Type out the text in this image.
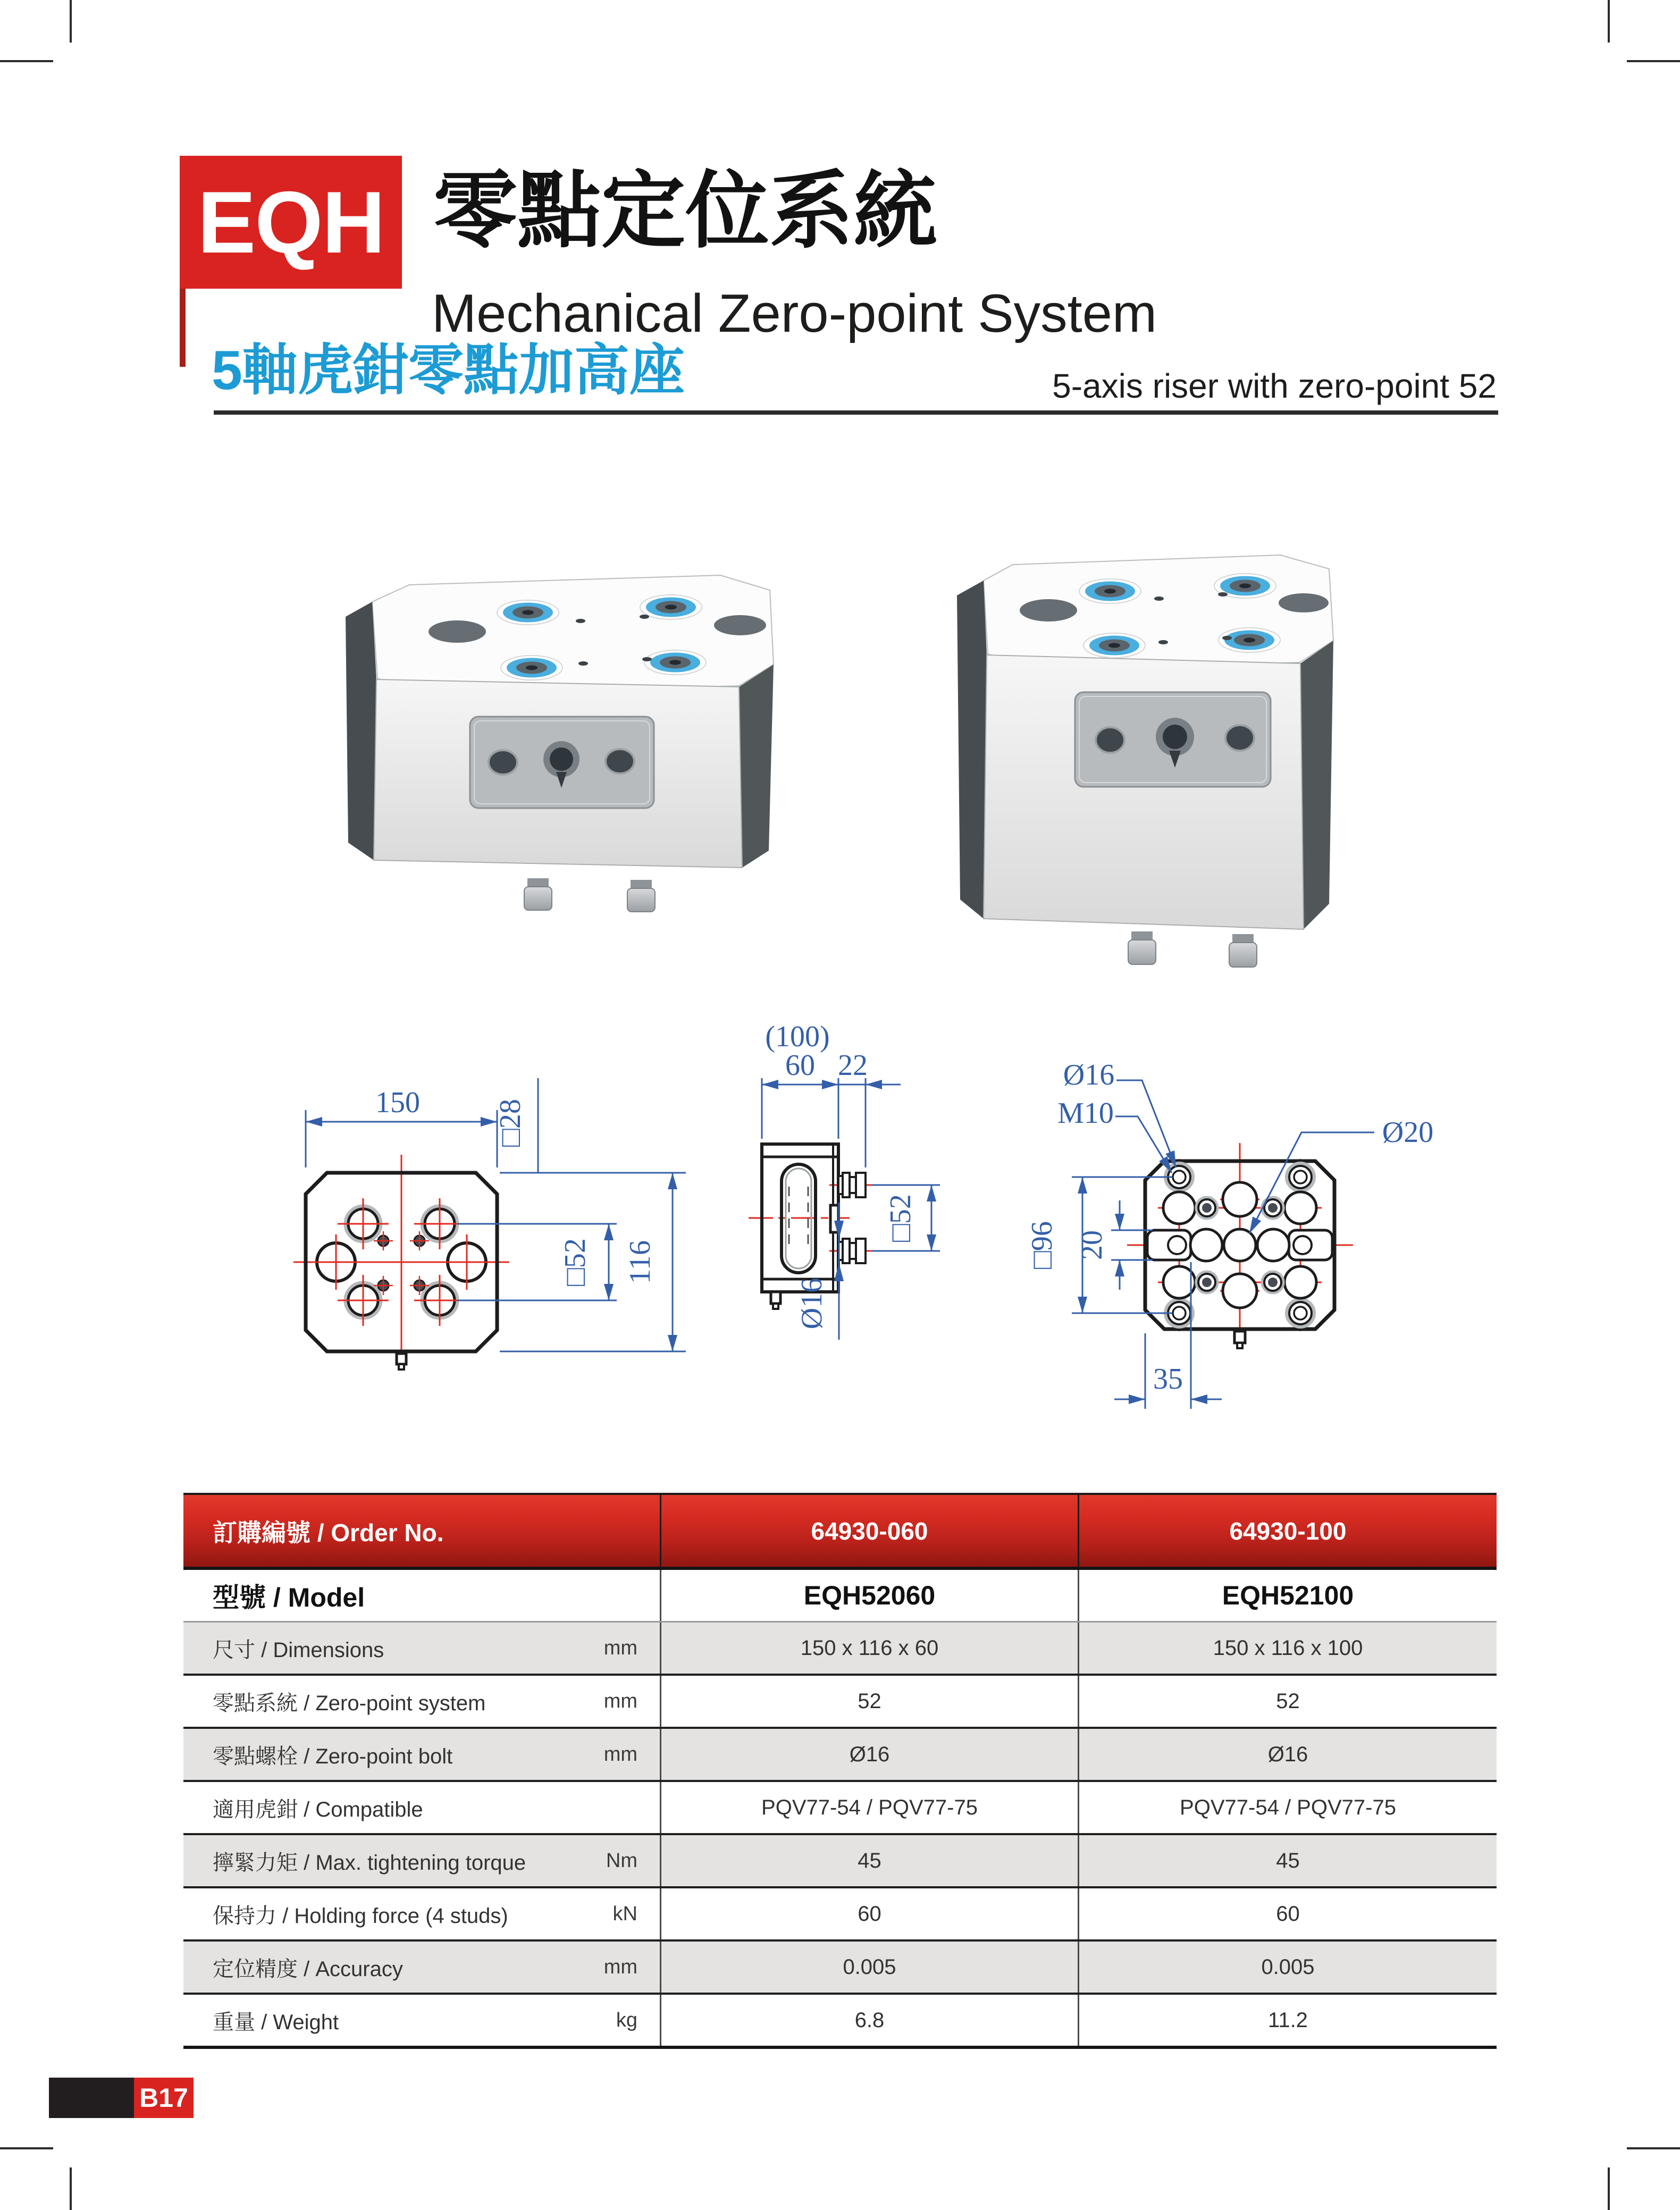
EQH 零點定位系統
Mechanical Zero-point System
5軸虎鉗零點加高座	5-axis riser with zero-point 52
150 □28
□52 116
(100)
60 22
□52
Ø16
Ø16
M10
Ø20
□96 20
35
訂購編號 / Order No.	64930-060	64930-100
型號 / Model	EQH52060	EQH52100
尺寸 / Dimensions	mm	150 x 116 x 60	150 x 116 x 100
零點系統 / Zero-point system	mm	52	52
零點螺栓 / Zero-point bolt	mm	Ø16	Ø16
適用虎鉗 / Compatible	PQV77-54 / PQV77-75	PQV77-54 / PQV77-75
擰緊力矩 / Max. tightening torque	Nm	45	45
保持力 / Holding force (4 studs)	kN	60	60
定位精度 / Accuracy	mm	0.005	0.005
重量 / Weight	kg	6.8	11.2
B17
